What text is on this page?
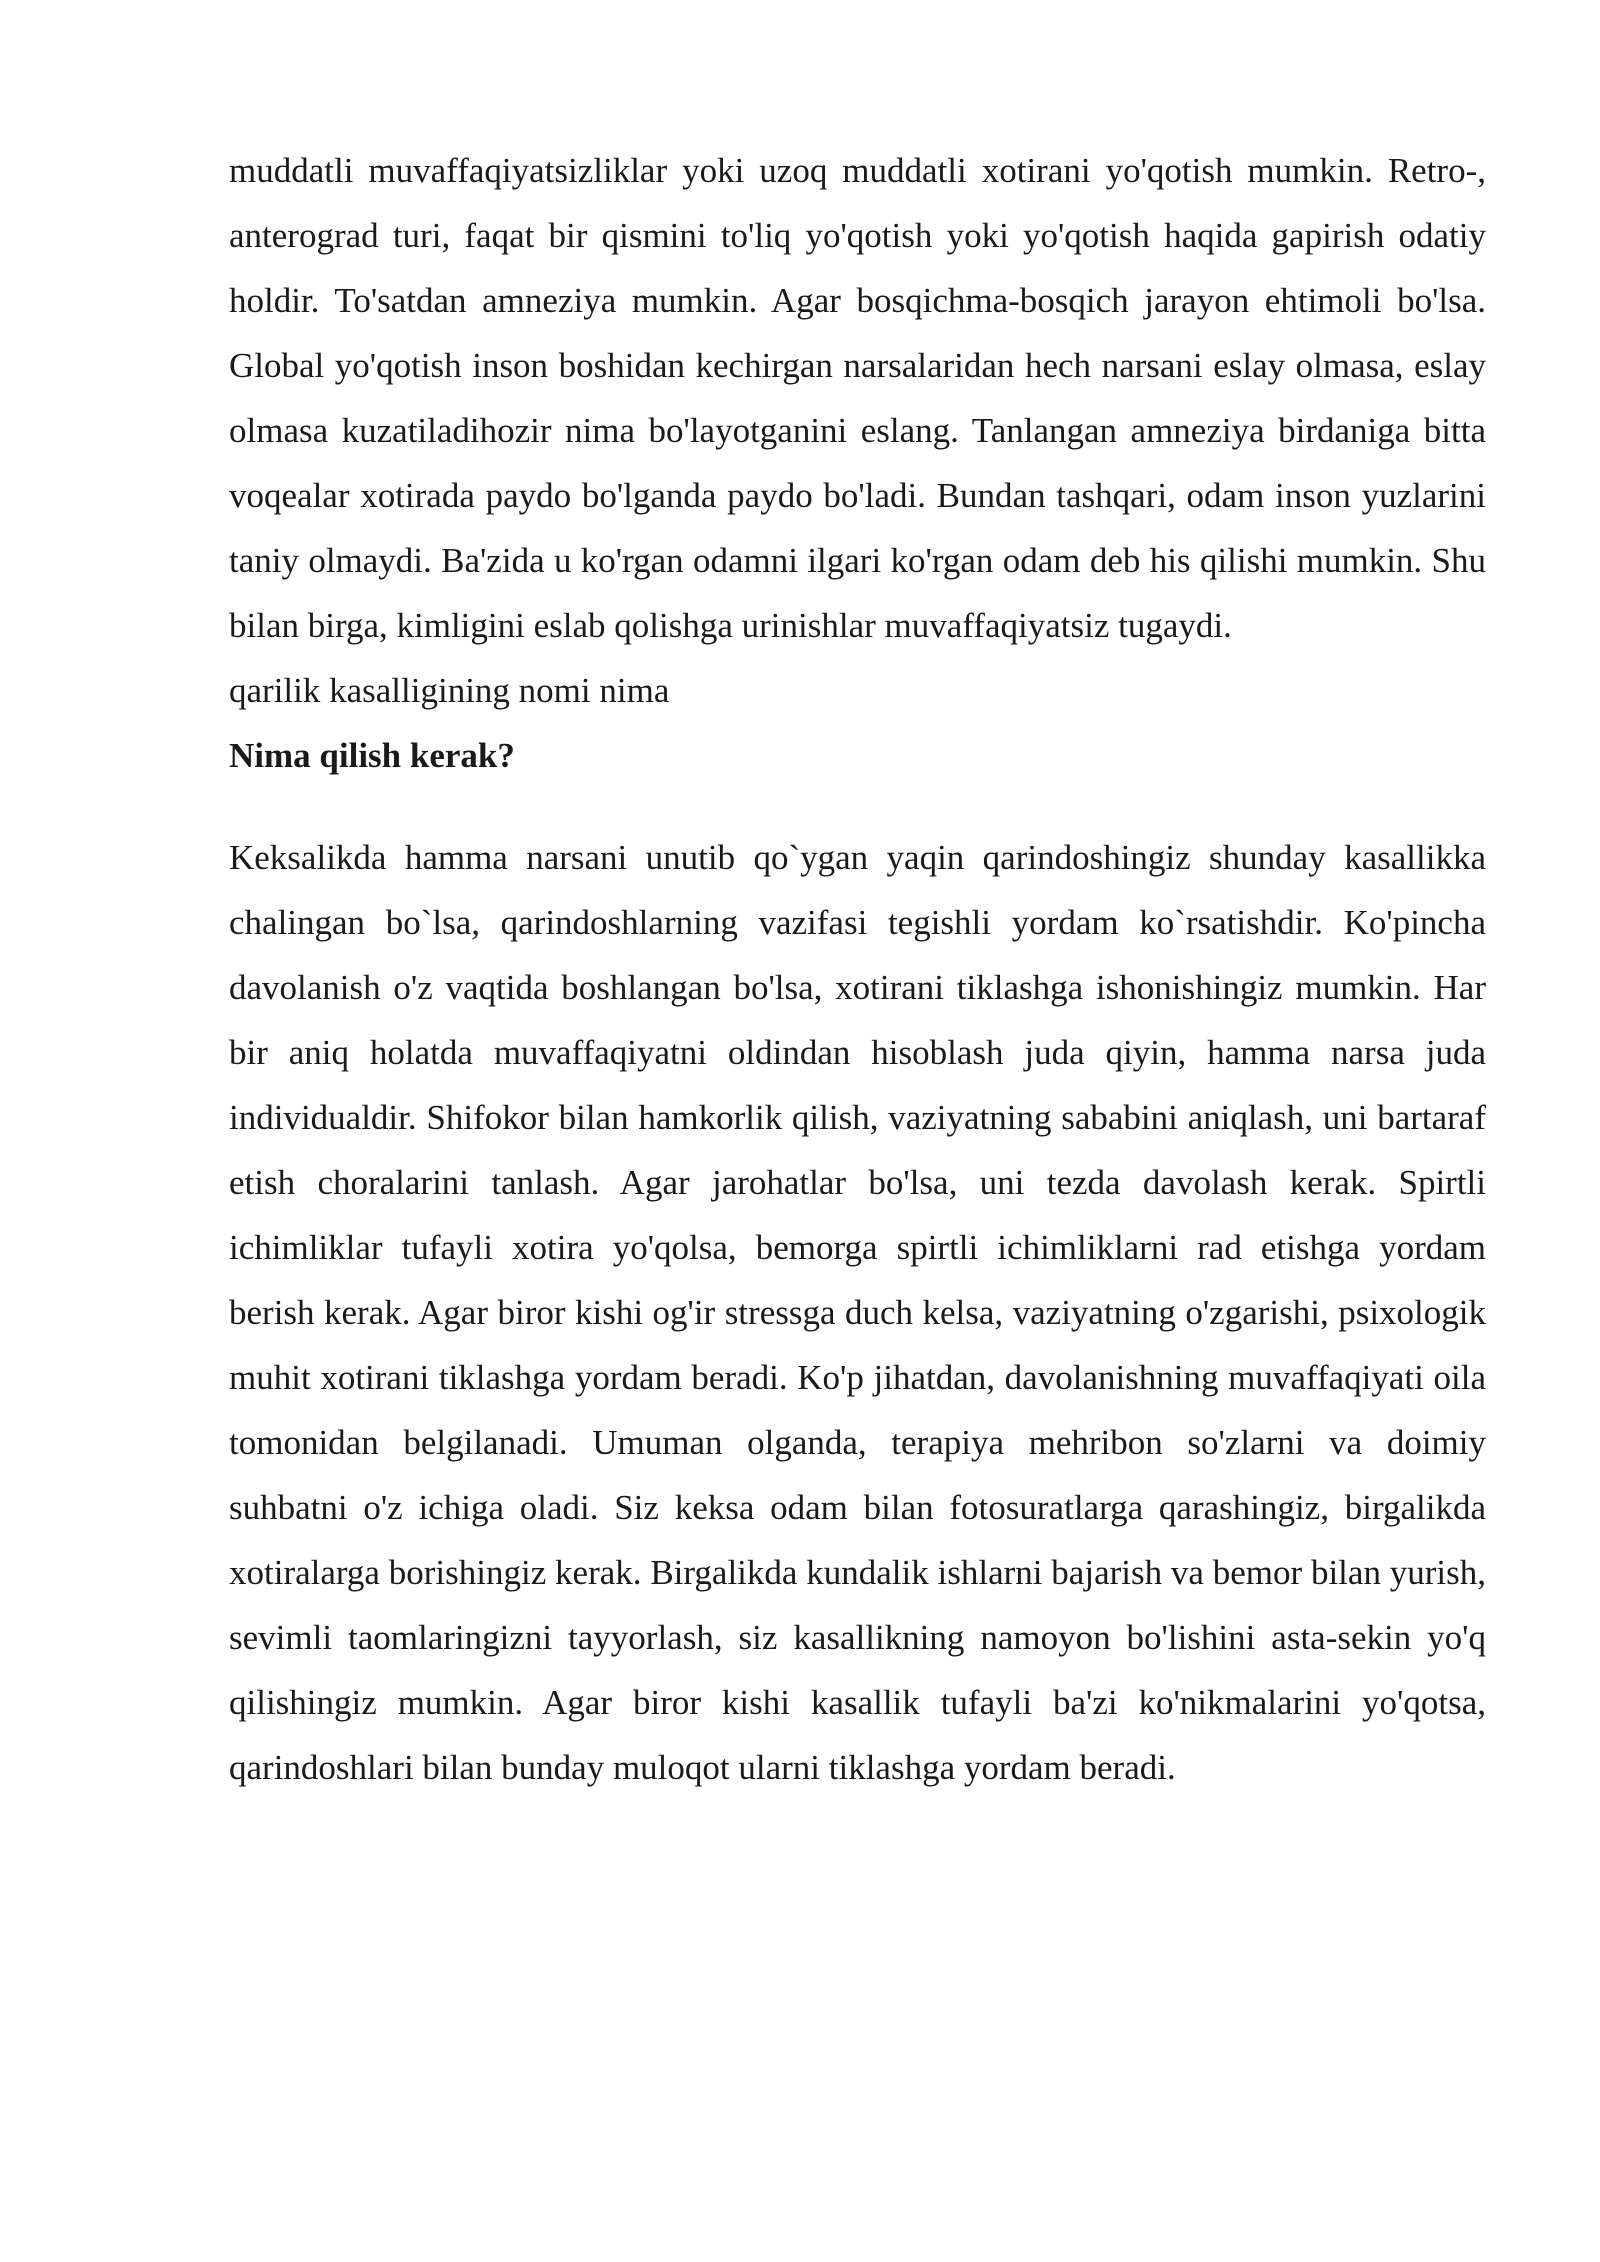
muddatli muvaffaqiyatsizliklar yoki uzoq muddatli xotirani yo'qotish mumkin. Retro-, anterograd turi, faqat bir qismini to'liq yo'qotish yoki yo'qotish haqida gapirish odatiy holdir. To'satdan amneziya mumkin. Agar bosqichma-bosqich jarayon ehtimoli bo'lsa. Global yo'qotish inson boshidan kechirgan narsalaridan hech narsani eslay olmasa, eslay olmasa kuzatiladihozir nima bo'layotganini eslang. Tanlangan amneziya birdaniga bitta voqealar xotirada paydo bo'lganda paydo bo'ladi. Bundan tashqari, odam inson yuzlarini taniy olmaydi. Ba'zida u ko'rgan odamni ilgari ko'rgan odam deb his qilishi mumkin. Shu bilan birga, kimligini eslab qolishga urinishlar muvaffaqiyatsiz tugaydi.

qarilik kasalligining nomi nima

Nima qilish kerak?

Keksalikda hamma narsani unutib qo`ygan yaqin qarindoshingiz shunday kasallikka chalingan bo`lsa, qarindoshlarning vazifasi tegishli yordam ko`rsatishdir. Ko'pincha davolanish o'z vaqtida boshlangan bo'lsa, xotirani tiklashga ishonishingiz mumkin. Har bir aniq holatda muvaffaqiyatni oldindan hisoblash juda qiyin, hamma narsa juda individualdir. Shifokor bilan hamkorlik qilish, vaziyatning sababini aniqlash, uni bartaraf etish choralarini tanlash. Agar jarohatlar bo'lsa, uni tezda davolash kerak. Spirtli ichimliklar tufayli xotira yo'qolsa, bemorga spirtli ichimliklarni rad etishga yordam berish kerak. Agar biror kishi og'ir stressga duch kelsa, vaziyatning o'zgarishi, psixologik muhit xotirani tiklashga yordam beradi. Ko'p jihatdan, davolanishning muvaffaqiyati oila tomonidan belgilanadi. Umuman olganda, terapiya mehribon so'zlarni va doimiy suhbatni o'z ichiga oladi. Siz keksa odam bilan fotosuratlarga qarashingiz, birgalikda xotiralarga borishingiz kerak. Birgalikda kundalik ishlarni bajarish va bemor bilan yurish, sevimli taomlaringizni tayyorlash, siz kasallikning namoyon bo'lishini asta-sekin yo'q qilishingiz mumkin. Agar biror kishi kasallik tufayli ba'zi ko'nikmalarini yo'qotsa, qarindoshlari bilan bunday muloqot ularni tiklashga yordam beradi.
